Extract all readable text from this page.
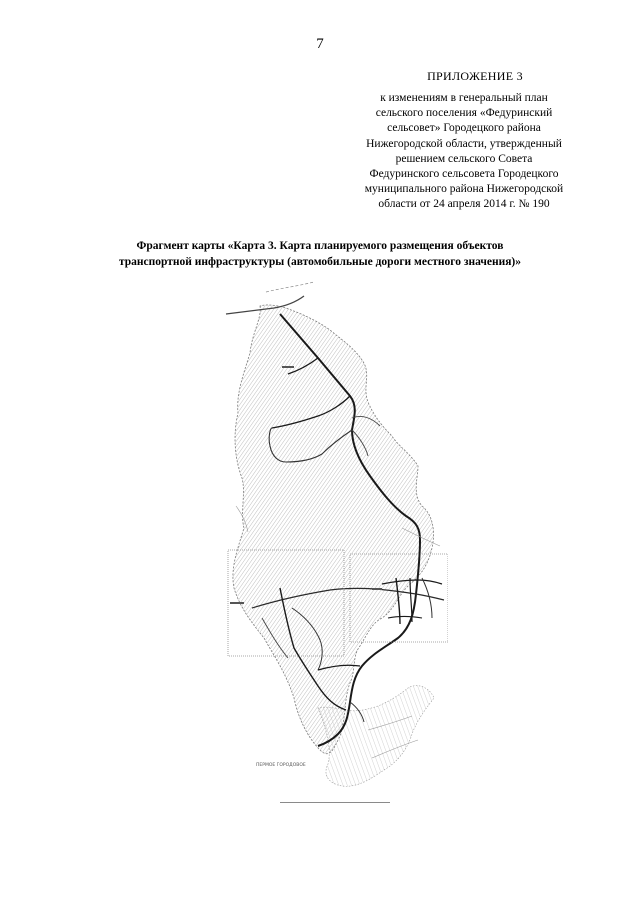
7
ПРИЛОЖЕНИЕ 3
к изменениям в генеральный план
сельского поселения «Федуринский
сельсовет» Городецкого района
Нижегородской области, утвержденный
решением сельского Совета
Федуринского сельсовета Городецкого
муниципального района Нижегородской
области от 24 апреля 2014 г. № 190
Фрагмент карты «Карта 3. Карта планируемого размещения объектов
транспортной инфраструктуры (автомобильные дороги местного значения)»
ПЕРМОЕ ГОРОДОВОЕ
